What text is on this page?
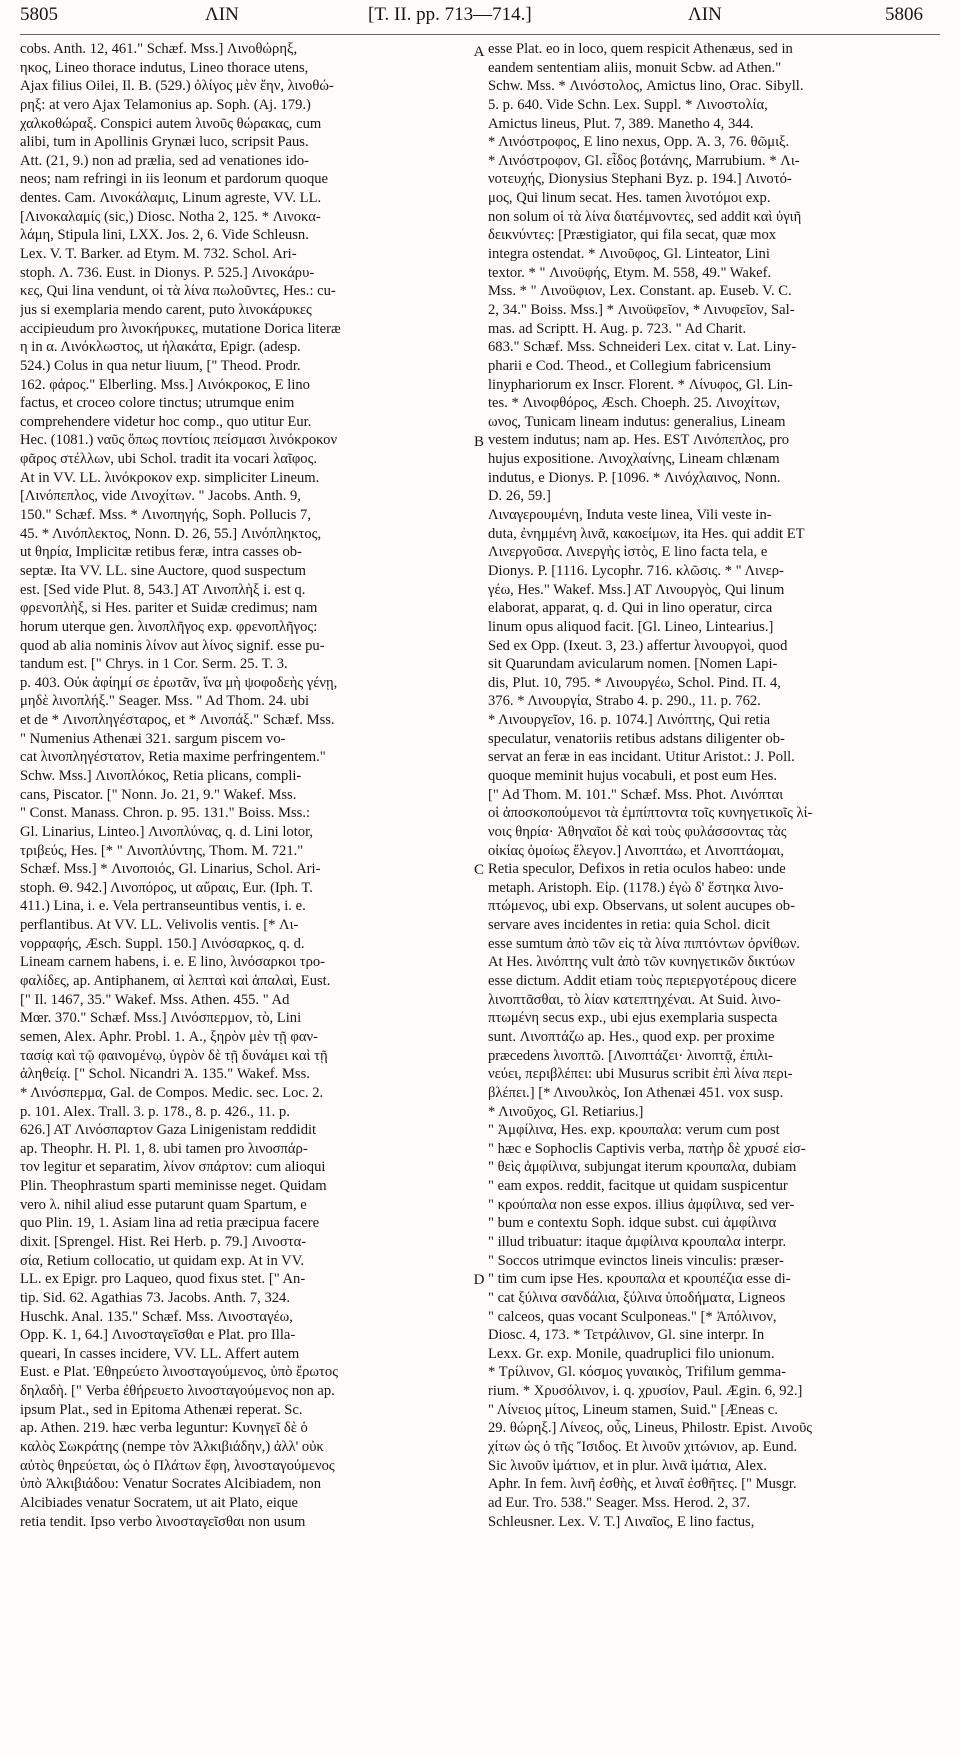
5805	ΛΙΝ	[T. II. pp. 713—714.]	ΛΙΝ	5806
cobs. Anth. 12, 461." Schæf. Mss.] Λινοθώρηξ,
ηκος, Lineo thorace indutus, Lineo thorace utens,
Ajax filius Oilei, Il. B. (529.) ὀλίγος μὲν ἔην, λινοθώ-
ρηξ: at vero Ajax Telamonius ap. Soph. (Aj. 179.)
χαλκοθώραξ. Conspici autem λινοῦς θώρακας, cum
alibi, tum in Apollinis Grynæi luco, scripsit Paus.
Att. (21, 9.) non ad prælia, sed ad venationes ido-
neos; nam refringi in iis leonum et pardorum quoque
dentes. Cam. Λινοκάλαμις, Linum agreste, VV. LL.
[Λινοκαλαμίς (sic,) Diosc. Notha 2, 125. * Λινοκα-
λάμη, Stipula lini, LXX. Jos. 2, 6. Vide Schleusn.
Lex. V. T. Barker. ad Etym. M. 732. Schol. Ari-
stoph. Λ. 736. Eust. in Dionys. P. 525.] Λινοκάρυ-
κες, Qui lina vendunt, οἱ τὰ λίνα πωλοῦντες, Hes.: cu-
jus si exemplaria mendo carent, puto λινοκάρυκες
accipieudum pro λινοκήρυκες, mutatione Dorica literæ
η in α. Λινόκλωστος, ut ἠλακάτα, Epigr. (adesp.
524.) Colus in qua netur liuum, [" Theod. Prodr.
162. φάρος." Elberling. Mss.] Λινόκροκος, E lino
factus, et croceo colore tinctus; utrumque enim
comprehendere videtur hoc comp., quo utitur Eur.
Hec. (1081.) ναῦς ὅπως ποντίοις πείσμασι λινόκροκον
φᾶρος στέλλων, ubi Schol. tradit ita vocari λαῖφος.
At in VV. LL. λινόκροκον exp. simpliciter Lineum.
[Λινόπεπλος, vide Λινοχίτων. " Jacobs. Anth. 9,
150." Schæf. Mss. * Λινοπηγής, Soph. Pollucis 7,
45. * Λινόπλεκτος, Nonn. D. 26, 55.] Λινόπληκτος,
ut θηρία, Implicitæ retibus feræ, intra casses ob-
septæ. Ita VV. LL. sine Auctore, quod suspectum
est. [Sed vide Plut. 8, 543.] AT Λινοπλὴξ i. est q.
φρενοπλὴξ, si Hes. pariter et Suidæ credimus; nam
horum uterque gen. λινοπλῆγος exp. φρενοπλῆγος:
quod ab alia nominis λίνον aut λίνος signif. esse pu-
tandum est. [" Chrys. in 1 Cor. Serm. 25. T. 3.
p. 403. Οὐκ ἀφίημί σε ἐρωτᾶν, ἵνα μὴ ψοφοδεὴς γένῃ,
μηδὲ λινοπλήξ." Seager. Mss. " Ad Thom. 24. ubi
et de * Λινοπληγέσταρος, et * Λινοπάξ." Schæf. Mss.
" Numenius Athenæi 321. sargum piscem vo-
cat λινοπληγέστατον, Retia maxime perfringentem."
Schw. Mss.] Λινοπλόκος, Retia plicans, compli-
cans, Piscator. [" Nonn. Jo. 21, 9." Wakef. Mss.
" Const. Manass. Chron. p. 95. 131." Boiss. Mss.:
Gl. Linarius, Linteo.] Λινοπλύνας, q. d. Lini lotor,
τριβεύς, Hes. [* " Λινοπλύντης, Thom. M. 721."
Schæf. Mss.] * Λινοποιός, Gl. Linarius, Schol. Ari-
stoph. Θ. 942.] Λινοπόρος, ut αὔραις, Eur. (Iph. T.
411.) Lina, i. e. Vela pertranseuntibus ventis, i. e.
perflantibus. At VV. LL. Velivolis ventis. [* Λι-
νορραφής, Æsch. Suppl. 150.] Λινόσαρκος, q. d.
Lineam carnem habens, i. e. E lino, λινόσαρκοι τρο-
φαλίδες, ap. Antiphanem, αἱ λεπταὶ καὶ ἁπαλαὶ, Eust.
[" Il. 1467, 35." Wakef. Mss. Athen. 455. " Ad
Mœr. 370." Schæf. Mss.] Λινόσπερμον, τὸ, Lini
semen, Alex. Aphr. Probl. 1. Α., ξηρὸν μὲν τῇ φαν-
τασίᾳ καὶ τῷ φαινομένῳ, ὑγρὸν δὲ τῇ δυνάμει καὶ τῇ
ἀληθείᾳ. [" Schol. Nicandri Ἀ. 135." Wakef. Mss.
* Λινόσπερμα, Gal. de Compos. Medic. sec. Loc. 2.
p. 101. Alex. Trall. 3. p. 178., 8. p. 426., 11. p.
626.] AT Λινόσπαρτον Gaza Linigenistam reddidit
ap. Theophr. H. Pl. 1, 8. ubi tamen pro λινοσπάρ-
τον legitur et separatim, λίνον σπάρτον: cum alioqui
Plin. Theophrastum sparti meminisse neget. Quidam
vero λ. nihil aliud esse putarunt quam Spartum, e
quo Plin. 19, 1. Asiam lina ad retia præcipua facere
dixit. [Sprengel. Hist. Rei Herb. p. 79.] Λινοστα-
σία, Retium collocatio, ut quidam exp. At in VV.
LL. ex Epigr. pro Laqueo, quod fixus stet. [" An-
tip. Sid. 62. Agathias 73. Jacobs. Anth. 7, 324.
Huschk. Anal. 135." Schæf. Mss. Λινοσταγέω,
Opp. K. 1, 64.] Λινοσταγεῖσθαι e Plat. pro Illa-
queari, In casses incidere, VV. LL. Affert autem
Eust. e Plat. Ἐθηρεύετο λινοσταγούμενος, ὑπὸ ἔρωτος
δηλαδὴ. [" Verba ἐθήρευετο λινοσταγούμενος non ap.
ipsum Plat., sed in Epitoma Athenæi reperat. Sc.
ap. Athen. 219. hæc verba leguntur: Κυνηγεῖ δὲ ὁ
καλὸς Σωκράτης (nempe τὸν Ἀλκιβιάδην,) ἀλλ' οὐκ
αὐτὸς θηρεύεται, ὡς ὁ Πλάτων ἔφη, λινοσταγούμενος
ὑπὸ Ἀλκιβιάδου: Venatur Socrates Alcibiadem, non
Alcibiades venatur Socratem, ut ait Plato, eique
retia tendit. Ipso verbo λινοσταγεῖσθαι non usum
esse Plat. eo in loco, quem respicit Athenæus, sed in
eandem sententiam aliis, monuit Scbw. ad Athen."
Schw. Mss. * Λινόστολος, Amictus lino, Orac. Sibyll.
5. p. 640. Vide Schn. Lex. Suppl. * Λινοστολία,
Amictus lineus, Plut. 7, 389. Manetho 4, 344.
* Λινόστροφος, E lino nexus, Opp. Ἀ. 3, 76. θῶμιξ.
* Λινόστροφον, Gl. εἶδος βοτάνης, Marrubium. * Λι-
νοτευχής, Dionysius Stephani Byz. p. 194.] Λινοτό-
μος, Qui linum secat. Hes. tamen λινοτόμοι exp.
non solum οἱ τὰ λίνα διατέμνοντες, sed addit καὶ ὑγιῆ
δεικνύντες: [Præstigiator, qui fila secat, quæ mox
integra ostendat. * Λινοῦφος, Gl. Linteator, Lini
textor. * " Λινοϋφής, Etym. M. 558, 49." Wakef.
Mss. * " Λινοϋφιον, Lex. Constant. ap. Euseb. V. C.
2, 34." Boiss. Mss.] * Λινοϋφεῖον, * Λινυφεῖον, Sal-
mas. ad Scriptt. H. Aug. p. 723. " Ad Charit.
683." Schæf. Mss. Schneideri Lex. citat v. Lat. Liny-
pharii e Cod. Theod., et Collegium fabricensium
linyphariorum ex Inscr. Florent. * Λίνυφος, Gl. Lin-
tes. * Λινοφθόρος, Æsch. Choeph. 25. Λινοχίτων,
ωνος, Tunicam lineam indutus: generalius, Lineam
vestem indutus; nam ap. Hes. EST Λινόπεπλος, pro
hujus expositione. Λινοχλαίνης, Lineam chlænam
indutus, e Dionys. P. [1096. * Λινόχλαινος, Nonn.
D. 26, 59.]
Λιναγερουμένη, Induta veste linea, Vili veste in-
duta, ἐνημμένη λινᾶ, κακοείμων, ita Hes. qui addit ET
Λινεργοῦσα. Λινεργὴς ἱστὸς, E lino facta tela, e
Dionys. P. [1116. Lycophr. 716. κλῶσις. * " Λινερ-
γέω, Hes." Wakef. Mss.] AT Λινουργὸς, Qui linum
elaborat, apparat, q. d. Qui in lino operatur, circa
linum opus aliquod facit. [Gl. Lineo, Lintearius.]
Sed ex Opp. (Ixeut. 3, 23.) affertur λινουργοὶ, quod
sit Quarundam avicularum nomen. [Nomen Lapi-
dis, Plut. 10, 795. * Λινουργέω, Schol. Pind. Π. 4,
376. * Λινουργία, Strabo 4. p. 290., 11. p. 762.
* Λινουργεῖον, 16. p. 1074.] Λινόπτης, Qui retia
speculatur, venatoriis retibus adstans diligenter ob-
servat an feræ in eas incidant. Utitur Aristot.: J. Poll.
quoque meminit hujus vocabuli, et post eum Hes.
[" Ad Thom. M. 101." Schæf. Mss. Phot. Λινόπται
οἱ ἀποσκοπούμενοι τὰ ἐμπίπτοντα τοῖς κυνηγετικοῖς λί-
νοις θηρία· Ἀθηναῖοι δὲ καὶ τοὺς φυλάσσοντας τὰς
οἰκίας ὁμοίως ἔλεγον.] Λινοπτάω, et Λινοπτάομαι,
Retia speculor, Defixos in retia oculos habeo: unde
metaph. Aristoph. Εἰρ. (1178.) ἐγὼ δ' ἕστηκα λινο-
πτώμενος, ubi exp. Observans, ut solent aucupes ob-
servare aves incidentes in retia: quia Schol. dicit
esse sumtum ἀπὸ τῶν εἰς τὰ λίνα πιπτόντων ὀρνίθων.
At Hes. λινόπτης vult ἀπὸ τῶν κυνηγετικῶν δικτύων
esse dictum. Addit etiam τοὺς περιεργοτέρους dicere
λινοπτᾶσθαι, τὸ λίαν κατεπτηχέναι. At Suid. λινο-
πτωμένη secus exp., ubi ejus exemplaria suspecta
sunt. Λινοπτάζω ap. Hes., quod exp. per proxime
præcedens λινοπτῶ. [Λινοπτάζει· λινοπτᾷ, ἐπιλι-
νεύει, περιβλέπει: ubi Musurus scribit ἐπὶ λίνα περι-
βλέπει.] [* Λινουλκὸς, Ion Athenæi 451. vox susp.
* Λινοῦχος, Gl. Retiarius.]
" Ἀμφίλινα, Hes. exp. κρουπαλα: verum cum post
" hæc e Sophoclis Captivis verba, πατὴρ δὲ χρυσέ εἰσ-
" θεὶς ἀμφίλινα, subjungat iterum κρουπαλα, dubiam
" eam expos. reddit, facitque ut quidam suspicentur
" κρούπαλα non esse expos. illius ἀμφίλινα, sed ver-
" bum e contextu Soph. idque subst. cui ἀμφίλινα
" illud tribuatur: itaque ἀμφίλινα κρουπαλα interpr.
" Soccos utrimque evinctos lineis vinculis: præser-
" tim cum ipse Hes. κρουπαλα et κρουπέζια esse di-
" cat ξύλινα σανδάλια, ξύλινα ὑποδήματα, Ligneos
" calceos, quas vocant Sculponeas." [* Ἀπόλινον,
Diosc. 4, 173. * Τετράλινον, Gl. sine interpr. In
Lexx. Gr. exp. Monile, quadruplici filo unionum.
* Τρίλινον, Gl. κόσμος γυναικὸς, Trifilum gemma-
rium. * Χρυσόλινον, i. q. χρυσίον, Paul. Ægin. 6, 92.]
" Λίνειος μίτος, Lineum stamen, Suid." [Æneas c.
29. θώρηξ.] Λίνεος, οὖς, Lineus, Philostr. Epist. Λινοῦς
χίτων ὡς ὁ τῆς Ἴσιδος. Et λινοῦν χιτώνιον, ap. Eund.
Sic λινοῦν ἱμάτιον, et in plur. λινᾶ ἱμάτια, Alex.
Aphr. In fem. λινῆ ἐσθὴς, et λιναῖ ἐσθῆτες. [" Musgr.
ad Eur. Tro. 538." Seager. Mss. Herod. 2, 37.
Schleusner. Lex. V. T.] Λιναῖος, E lino factus,
A
B
C
D
